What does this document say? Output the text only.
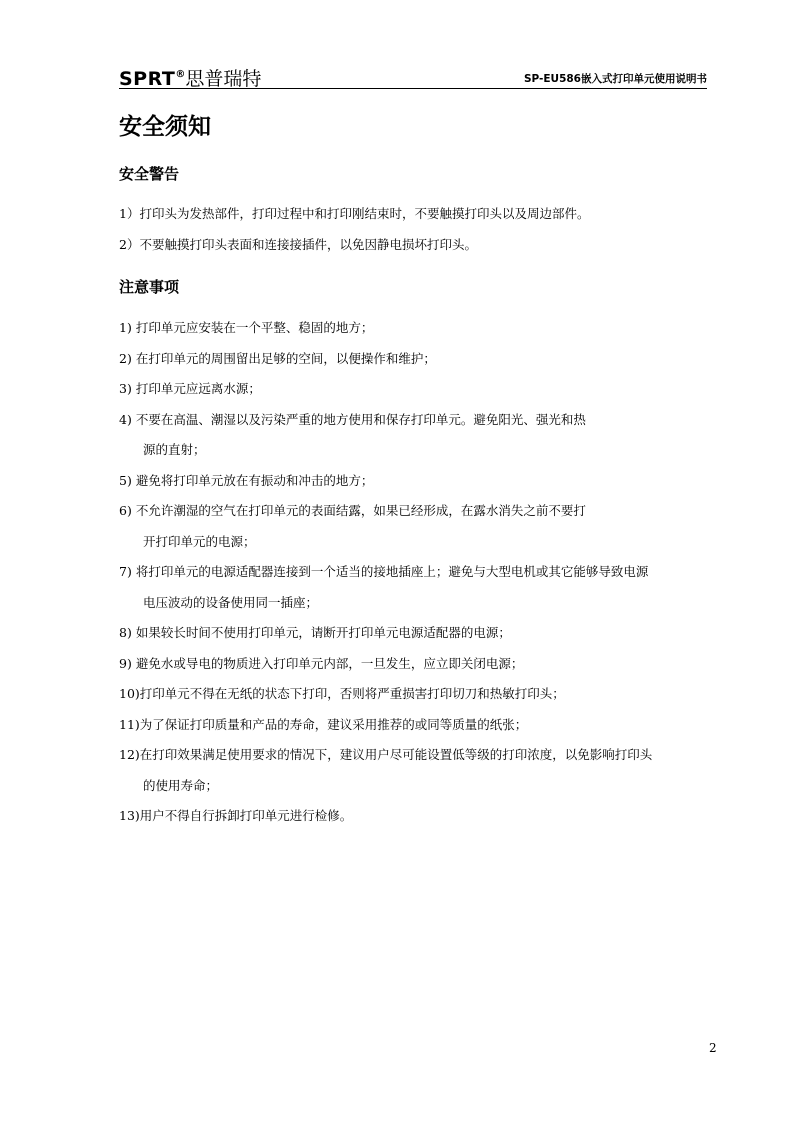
SPRT®思普瑞特	SP-EU586嵌入式打印单元使用说明书
安全须知
安全警告
1）打印头为发热部件，打印过程中和打印刚结束时，不要触摸打印头以及周边部件。
2）不要触摸打印头表面和连接接插件，以免因静电损坏打印头。
注意事项
1) 打印单元应安装在一个平整、稳固的地方；
2) 在打印单元的周围留出足够的空间，以便操作和维护；
3) 打印单元应远离水源；
4) 不要在高温、潮湿以及污染严重的地方使用和保存打印单元。避免阳光、强光和热
源的直射；
5) 避免将打印单元放在有振动和冲击的地方；
6) 不允许潮湿的空气在打印单元的表面结露，如果已经形成，在露水消失之前不要打
开打印单元的电源；
7) 将打印单元的电源适配器连接到一个适当的接地插座上；避免与大型电机或其它能够导致电源
电压波动的设备使用同一插座；
8) 如果较长时间不使用打印单元，请断开打印单元电源适配器的电源；
9) 避免水或导电的物质进入打印单元内部，一旦发生，应立即关闭电源；
10)打印单元不得在无纸的状态下打印，否则将严重损害打印切刀和热敏打印头；
11)为了保证打印质量和产品的寿命，建议采用推荐的或同等质量的纸张；
12)在打印效果满足使用要求的情况下，建议用户尽可能设置低等级的打印浓度，以免影响打印头
的使用寿命；
13)用户不得自行拆卸打印单元进行检修。
2
